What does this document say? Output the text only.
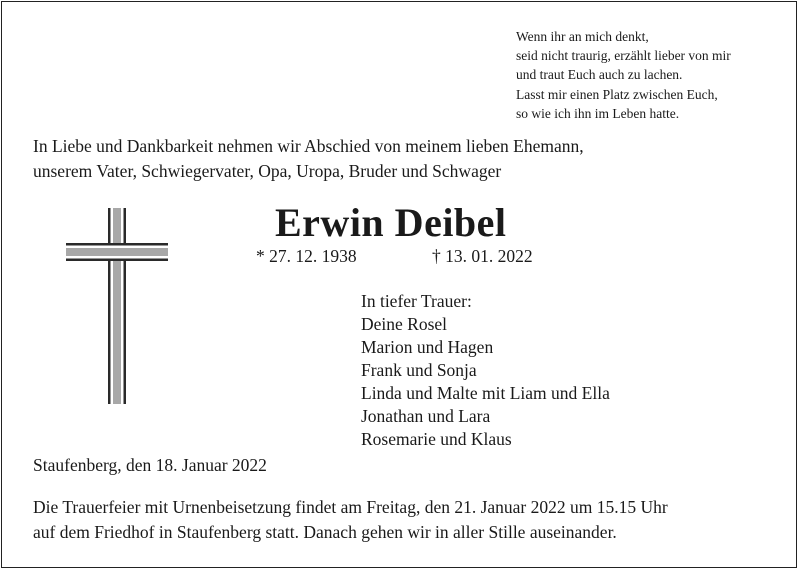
Wenn ihr an mich denkt,
seid nicht traurig, erzählt lieber von mir
und traut Euch auch zu lachen.
Lasst mir einen Platz zwischen Euch,
so wie ich ihn im Leben hatte.
In Liebe und Dankbarkeit nehmen wir Abschied von meinem lieben Ehemann,
unserem Vater, Schwiegervater, Opa, Uropa, Bruder und Schwager
Erwin Deibel
* 27. 12. 1938	† 13. 01. 2022
In tiefer Trauer:
Deine Rosel
Marion und Hagen
Frank und Sonja
Linda und Malte mit Liam und Ella
Jonathan und Lara
Rosemarie und Klaus
Staufenberg, den 18. Januar 2022
Die Trauerfeier mit Urnenbeisetzung findet am Freitag, den 21. Januar 2022 um 15.15 Uhr
auf dem Friedhof in Staufenberg statt. Danach gehen wir in aller Stille auseinander.
